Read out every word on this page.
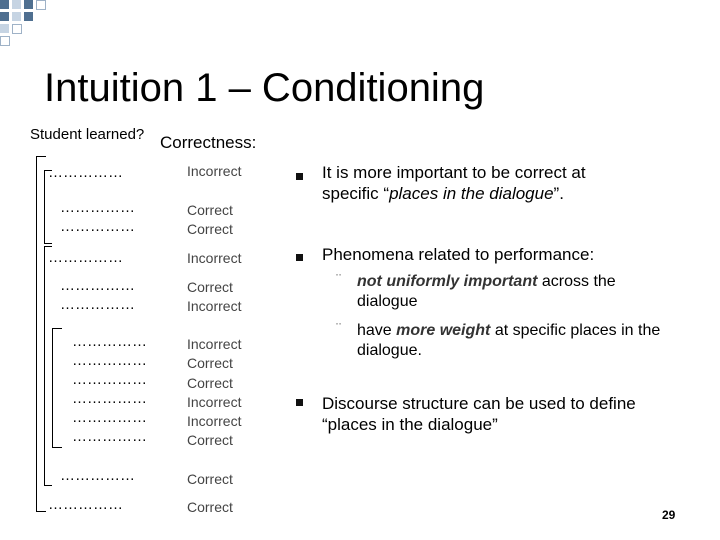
Intuition 1 – Conditioning
Student learned? Correctness:
……………
……………
……………
……………
……………
……………
……………
……………
……………
……………
……………
……………
……………
……………
Incorrect
Correct
Correct
Incorrect
Correct
Incorrect
Incorrect
Correct
Correct
Incorrect
Incorrect
Correct
Correct
Correct
It is more important to be correct at
specific “places in the dialogue”.
Phenomena related to performance:
¨ not uniformly important across the
dialogue
¨ have more weight at specific places in the
dialogue.
Discourse structure can be used to define
“places in the dialogue”
29
